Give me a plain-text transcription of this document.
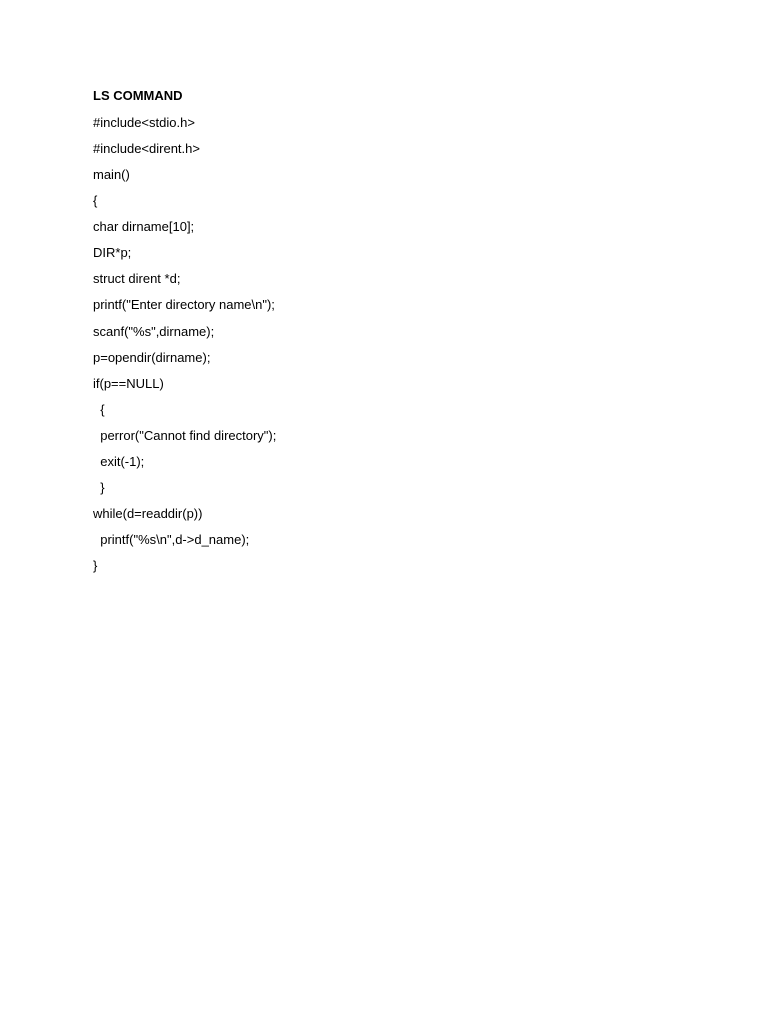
LS COMMAND
#include<stdio.h>
#include<dirent.h>
main()
{
char dirname[10];
DIR*p;
struct dirent *d;
printf("Enter directory name\n");
scanf("%s",dirname);
p=opendir(dirname);
if(p==NULL)
{
perror("Cannot find directory");
exit(-1);
}
while(d=readdir(p))
printf("%s\n",d->d_name);
}
